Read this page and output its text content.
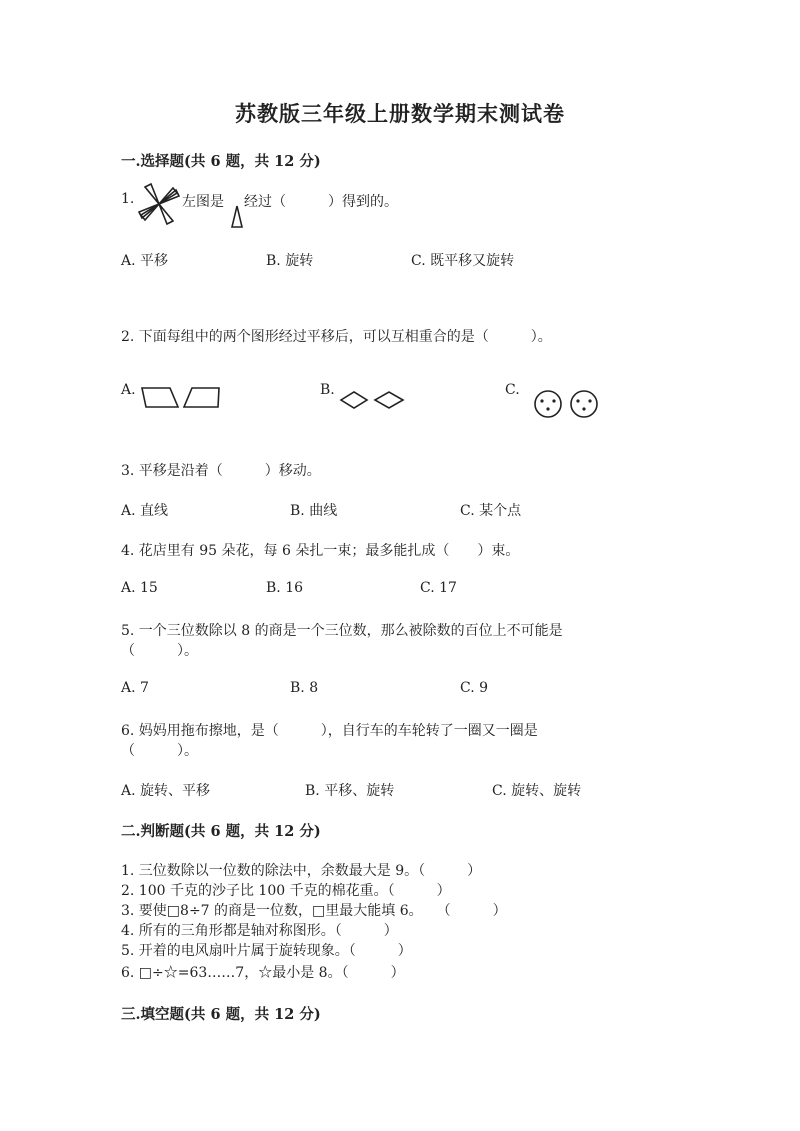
苏教版三年级上册数学期末测试卷
一.选择题(共 6 题，共 12 分)
1.	左图是 经过（　　　）得到的。
A. 平移	B. 旋转	C. 既平移又旋转
2. 下面每组中的两个图形经过平移后，可以互相重合的是（　　　）。
A.	B.	C.
3. 平移是沿着（　　　）移动。
A. 直线	B. 曲线	C. 某个点
4. 花店里有 95 朵花，每 6 朵扎一束；最多能扎成（　　）束。
A. 15	B. 16	C. 17
5. 一个三位数除以 8 的商是一个三位数，那么被除数的百位上不可能是
（　　　）。
A. 7	B. 8	C. 9
6. 妈妈用拖布擦地，是（　　　），自行车的车轮转了一圈又一圈是
（　　　）。
A. 旋转、平移	B. 平移、旋转	C. 旋转、旋转
二.判断题(共 6 题，共 12 分)
1. 三位数除以一位数的除法中，余数最大是 9。（　　　）
2. 100 千克的沙子比 100 千克的棉花重。（　　　）
3. 要使□8÷7 的商是一位数，□里最大能填 6。　　（　　　）
4. 所有的三角形都是轴对称图形。（　　　）
5. 开着的电风扇叶片属于旋转现象。（　　　）
6. □÷☆=63……7，☆最小是 8。（　　　）
三.填空题(共 6 题，共 12 分)
